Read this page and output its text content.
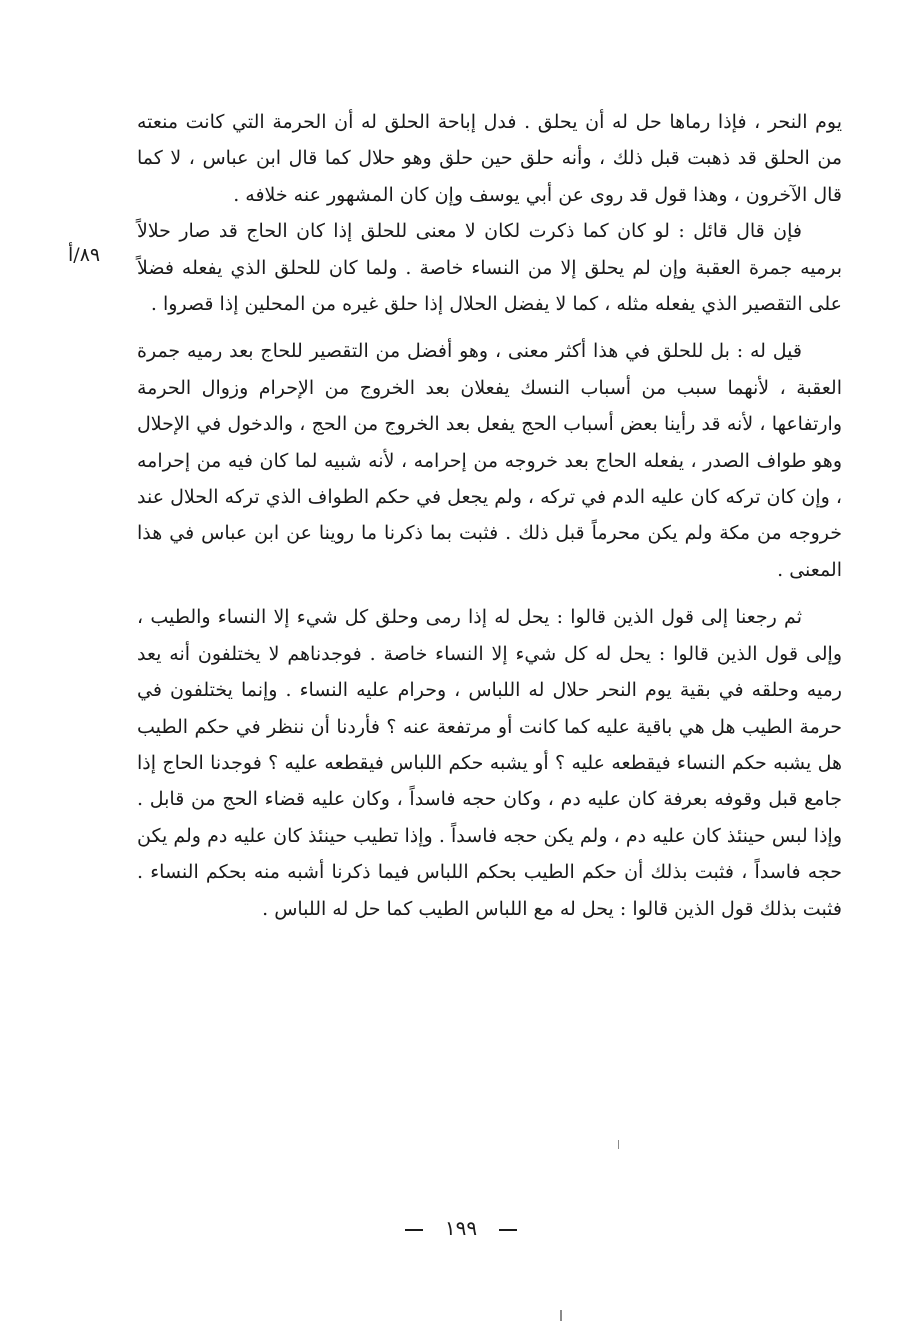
يوم النحر ، فإذا رماها حل له أن يحلق . فدل إباحة الحلق له أن الحرمة التي كانت منعته من الحلق قد ذهبت قبل ذلك ، وأنه حلق حين حلق وهو حلال كما قال ابن عباس ، لا كما قال الآخرون ، وهذا قول قد روى عن أبي يوسف وإن كان المشهور عنه خلافه .

فإن قال قائل : لو كان كما ذكرت لكان لا معنى للحلق إذا كان الحاج قد صار حلالاً برميه جمرة العقبة وإن لم يحلق إلا من النساء خاصة . ولما كان للحلق الذي يفعله فضلاً على التقصير الذي يفعله مثله ، كما لا يفضل الحلال إذا حلق غيره من المحلين إذا قصروا .

قيل له : بل للحلق في هذا أكثر معنى ، وهو أفضل من التقصير للحاج بعد رميه جمرة العقبة ، لأنهما سبب من أسباب النسك يفعلان بعد الخروج من الإحرام وزوال الحرمة وارتفاعها ، لأنه قد رأينا بعض أسباب الحج يفعل بعد الخروج من الحج ، والدخول في الإحلال وهو طواف الصدر ، يفعله الحاج بعد خروجه من إحرامه ، لأنه شبيه لما كان فيه من إحرامه ، وإن كان تركه كان عليه الدم في تركه ، ولم يجعل في حكم الطواف الذي تركه الحلال عند خروجه من مكة ولم يكن محرماً قبل ذلك . فثبت بما ذكرنا ما روينا عن ابن عباس في هذا المعنى .

ثم رجعنا إلى قول الذين قالوا : يحل له إذا رمى وحلق كل شيء إلا النساء والطيب ، وإلى قول الذين قالوا : يحل له كل شيء إلا النساء خاصة . فوجدناهم لا يختلفون أنه يعد رميه وحلقه في بقية يوم النحر حلال له اللباس ، وحرام عليه النساء . وإنما يختلفون في حرمة الطيب هل هي باقية عليه كما كانت أو مرتفعة عنه ؟ فأردنا أن ننظر في حكم الطيب هل يشبه حكم النساء فيقطعه عليه ؟ أو يشبه حكم اللباس فيقطعه عليه ؟ فوجدنا الحاج إذا جامع قبل وقوفه بعرفة كان عليه دم ، وكان حجه فاسداً ، وكان عليه قضاء الحج من قابل . وإذا لبس حينئذ كان عليه دم ، ولم يكن حجه فاسداً . وإذا تطيب حينئذ كان عليه دم ولم يكن حجه فاسداً ، فثبت بذلك أن حكم الطيب بحكم اللباس فيما ذكرنا أشبه منه بحكم النساء . فثبت بذلك قول الذين قالوا : يحل له مع اللباس الطيب كما حل له اللباس .

٨٩/أ
١٩٩
